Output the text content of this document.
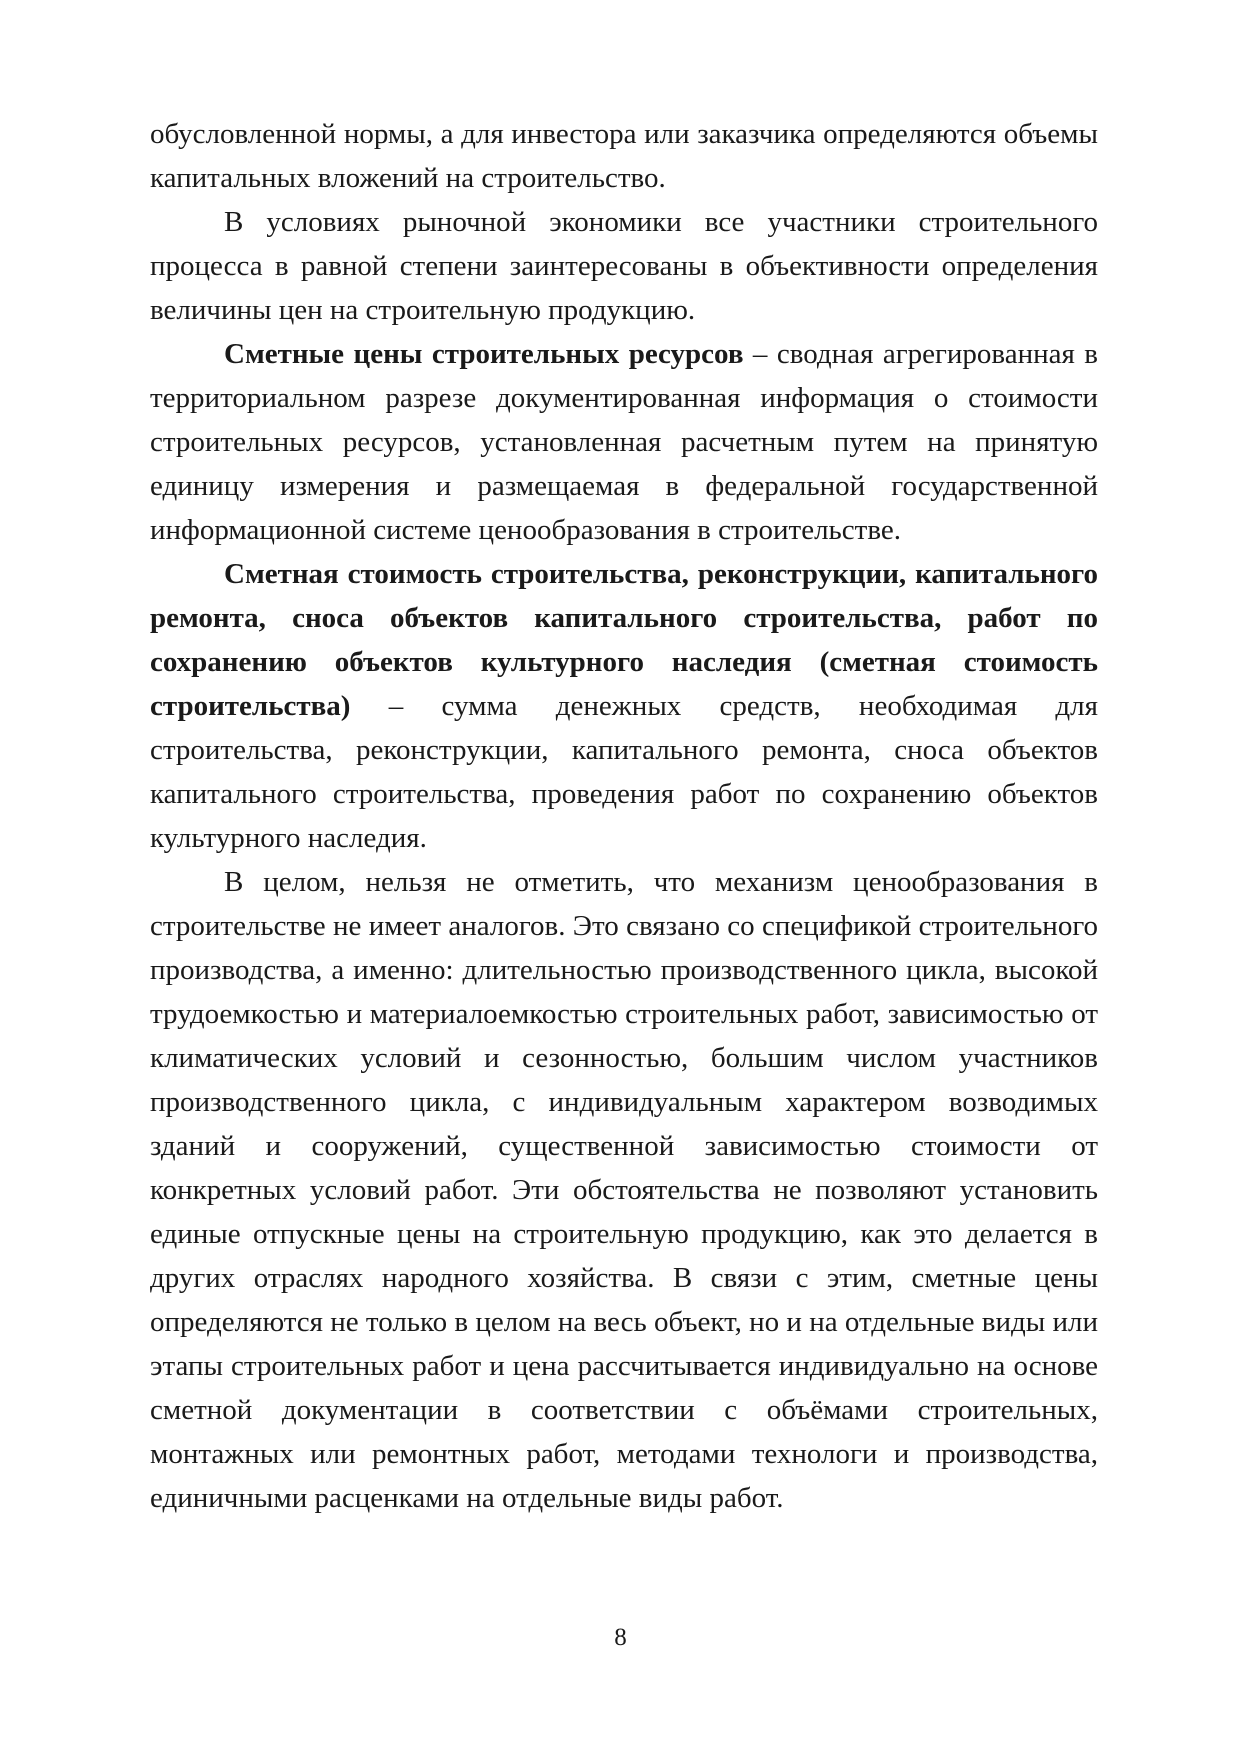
обусловленной нормы, а для инвестора или заказчика определяются объемы капитальных вложений на строительство.

В условиях рыночной экономики все участники строительного процесса в равной степени заинтересованы в объективности определения величины цен на строительную продукцию.

Сметные цены строительных ресурсов – сводная агрегированная в территориальном разрезе документированная информация о стоимости строительных ресурсов, установленная расчетным путем на принятую единицу измерения и размещаемая в федеральной государственной информационной системе ценообразования в строительстве.

Сметная стоимость строительства, реконструкции, капитального ремонта, сноса объектов капитального строительства, работ по сохранению объектов культурного наследия (сметная стоимость строительства) – сумма денежных средств, необходимая для строительства, реконструкции, капитального ремонта, сноса объектов капитального строительства, проведения работ по сохранению объектов культурного наследия.

В целом, нельзя не отметить, что механизм ценообразования в строительстве не имеет аналогов. Это связано со спецификой строительного производства, а именно: длительностью производственного цикла, высокой трудоемкостью и материалоемкостью строительных работ, зависимостью от климатических условий и сезонностью, большим числом участников производственного цикла, с индивидуальным характером возводимых зданий и сооружений, существенной зависимостью стоимости от конкретных условий работ. Эти обстоятельства не позволяют установить единые отпускные цены на строительную продукцию, как это делается в других отраслях народного хозяйства. В связи с этим, сметные цены определяются не только в целом на весь объект, но и на отдельные виды или этапы строительных работ и цена рассчитывается индивидуально на основе сметной документации в соответствии с объёмами строительных, монтажных или ремонтных работ, методами технологи и производства, единичными расценками на отдельные виды работ.

8
